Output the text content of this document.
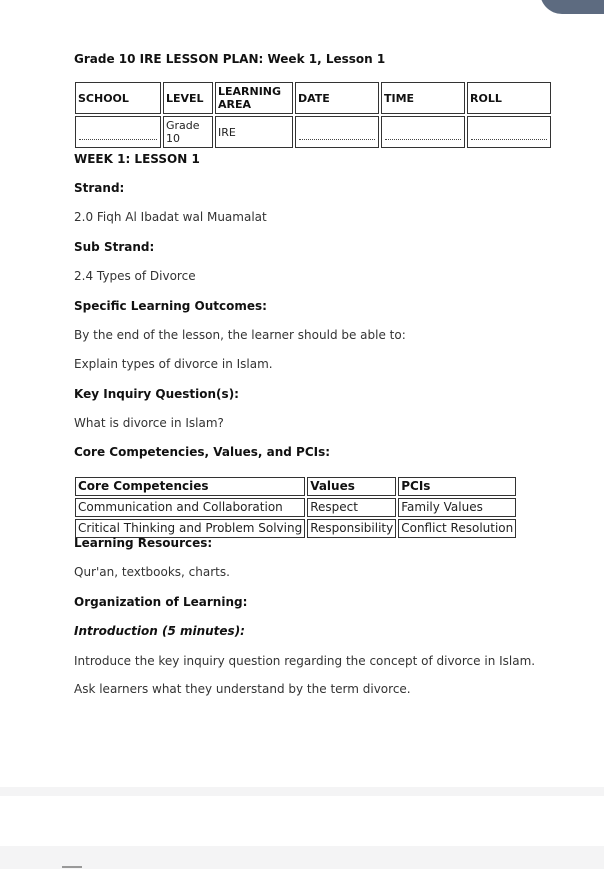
Grade 10 IRE LESSON PLAN: Week 1, Lesson 1
SCHOOL	LEVEL	LEARNING AREA	DATE	TIME	ROLL

	Grade 10	IRE	

WEEK 1: LESSON 1
Strand:
2.0 Fiqh Al Ibadat wal Muamalat
Sub Strand:
2.4 Types of Divorce
Specific Learning Outcomes:
By the end of the lesson, the learner should be able to:
Explain types of divorce in Islam.
Key Inquiry Question(s):
What is divorce in Islam?
Core Competencies, Values, and PCIs:
Core Competencies	Values	PCIs
Communication and Collaboration	Respect	Family Values
Critical Thinking and Problem Solving	Responsibility	Conflict Resolution
Learning Resources:
Qur'an, textbooks, charts.
Organization of Learning:
Introduction (5 minutes):
Introduce the key inquiry question regarding the concept of divorce in Islam.
Ask learners what they understand by the term divorce.
